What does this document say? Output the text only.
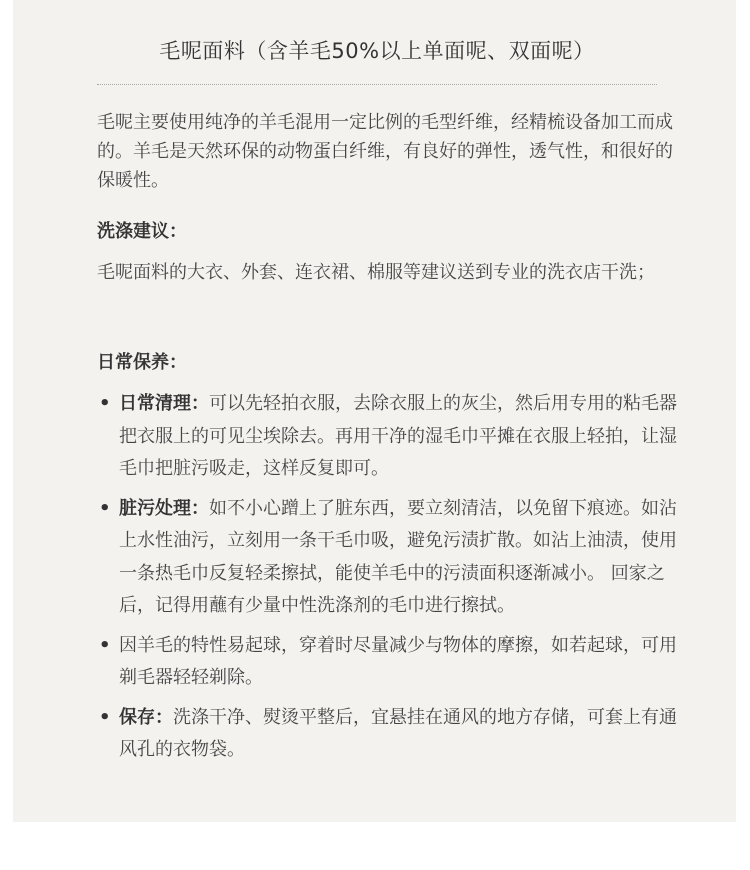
毛呢面料（含羊毛50%以上单面呢、双面呢）

毛呢主要使用纯净的羊毛混用一定比例的毛型纤维，经精梳设备加工而成的。羊毛是天然环保的动物蛋白纤维，有良好的弹性，透气性，和很好的保暖性。

洗涤建议：

毛呢面料的大衣、外套、连衣裙、棉服等建议送到专业的洗衣店干洗；

日常保养：
• 日常清理：可以先轻拍衣服，去除衣服上的灰尘，然后用专用的粘毛器把衣服上的可见尘埃除去。再用干净的湿毛巾平摊在衣服上轻拍，让湿毛巾把脏污吸走，这样反复即可。
• 脏污处理：如不小心蹭上了脏东西，要立刻清洁，以免留下痕迹。如沾上水性油污，立刻用一条干毛巾吸，避免污渍扩散。如沾上油渍，使用一条热毛巾反复轻柔擦拭，能使羊毛中的污渍面积逐渐减小。 回家之后，记得用蘸有少量中性洗涤剂的毛巾进行擦拭。
• 因羊毛的特性易起球，穿着时尽量减少与物体的摩擦，如若起球，可用剃毛器轻轻剃除。
• 保存：洗涤干净、熨烫平整后，宜悬挂在通风的地方存储，可套上有通风孔的衣物袋。
